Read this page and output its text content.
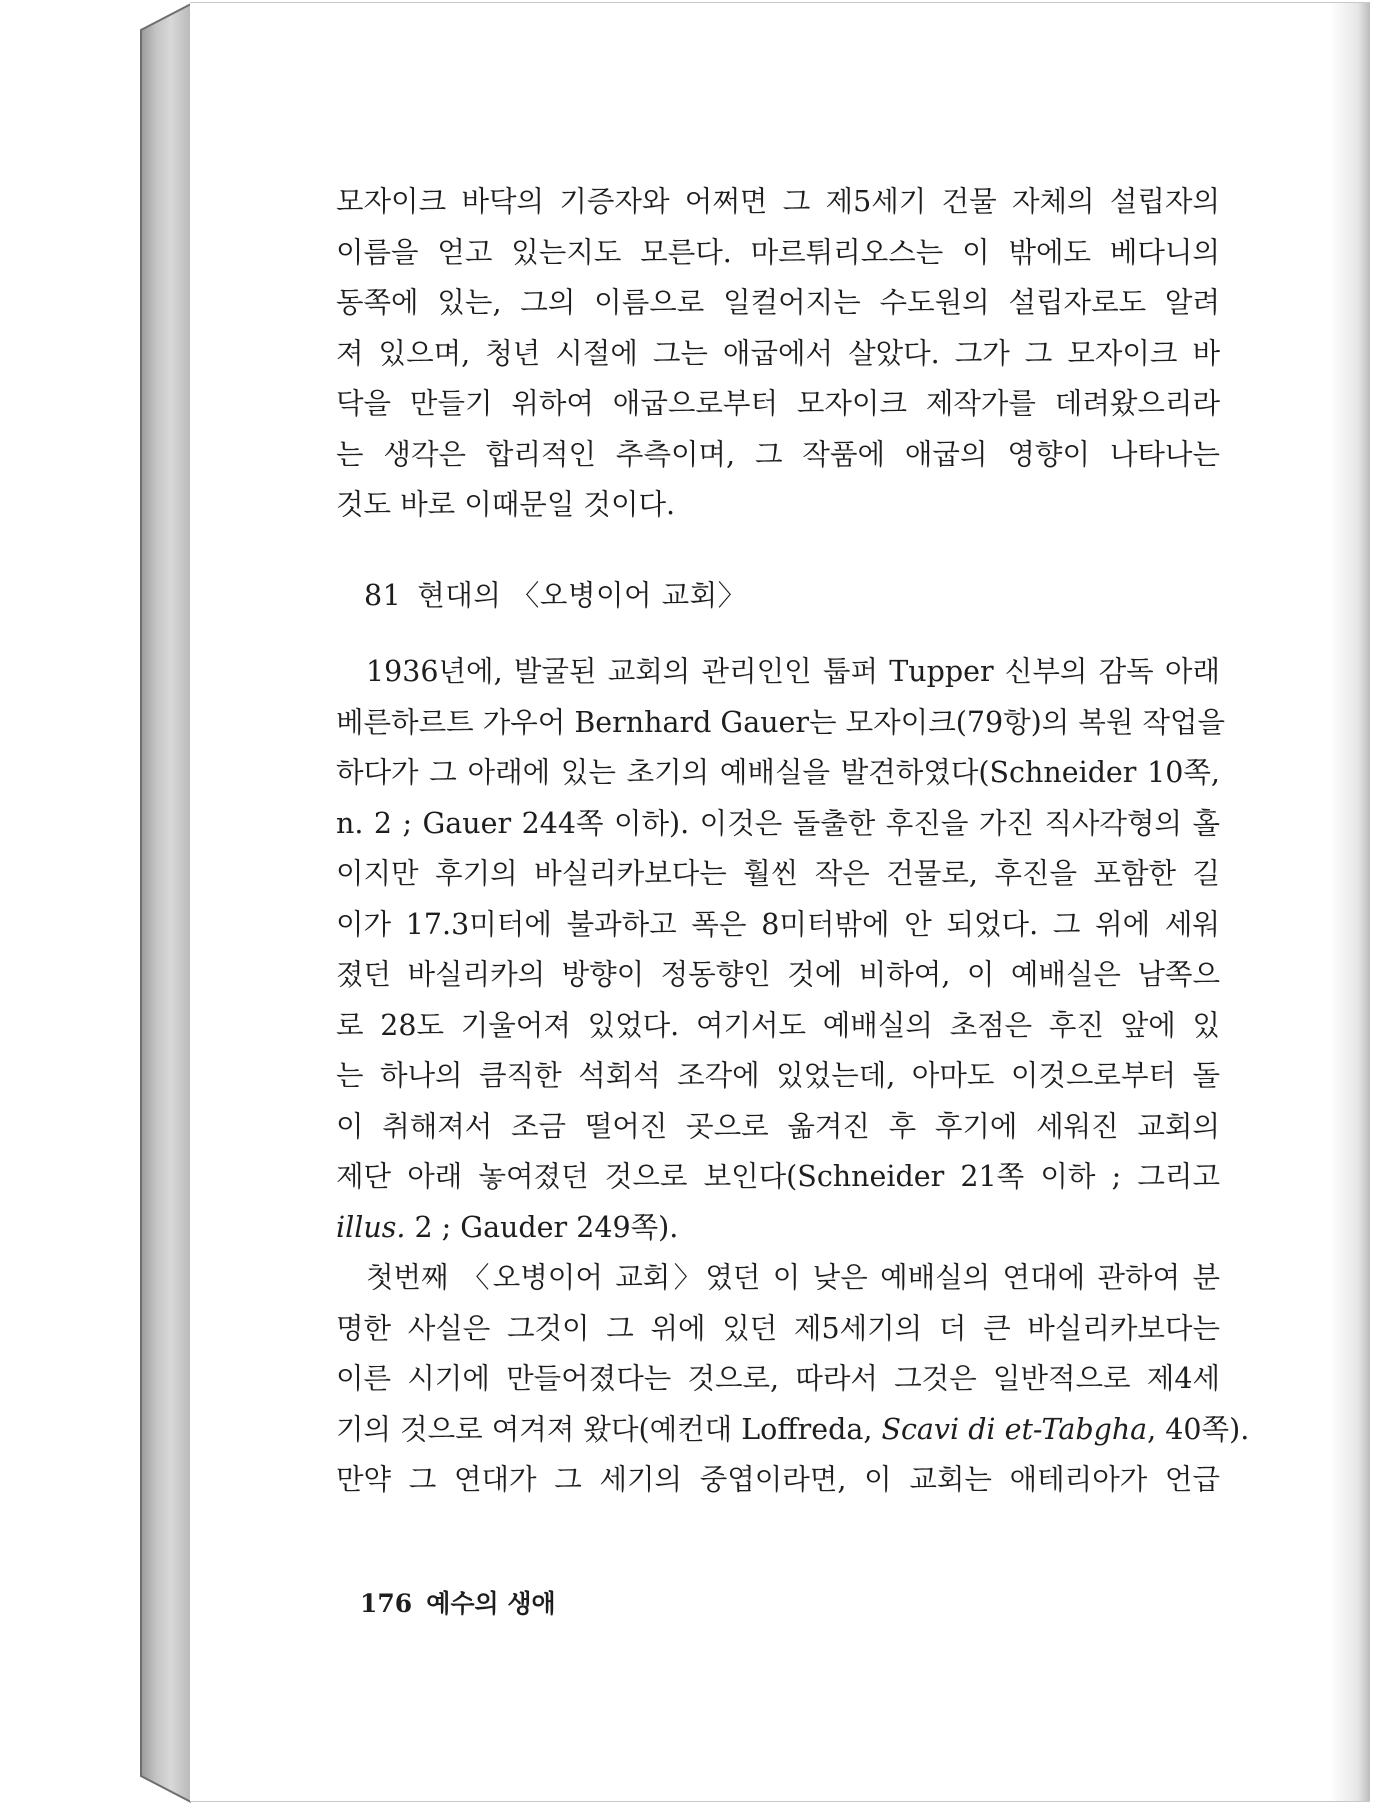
모자이크 바닥의 기증자와 어쩌면 그 제5세기 건물 자체의 설립자의
이름을 얻고 있는지도 모른다. 마르튀리오스는 이 밖에도 베다니의
동쪽에 있는, 그의 이름으로 일컬어지는 수도원의 설립자로도 알려
져 있으며, 청년 시절에 그는 애굽에서 살았다. 그가 그 모자이크 바
닥을 만들기 위하여 애굽으로부터 모자이크 제작가를 데려왔으리라
는 생각은 합리적인 추측이며, 그 작품에 애굽의 영향이 나타나는
것도 바로 이때문일 것이다.
81 현대의 〈오병이어 교회〉
1936년에, 발굴된 교회의 관리인인 툽퍼 Tupper 신부의 감독 아래
베른하르트 가우어 Bernhard Gauer는 모자이크(79항)의 복원 작업을
하다가 그 아래에 있는 초기의 예배실을 발견하였다(Schneider 10쪽,
n. 2 ; Gauer 244쪽 이하). 이것은 돌출한 후진을 가진 직사각형의 홀
이지만 후기의 바실리카보다는 훨씬 작은 건물로, 후진을 포함한 길
이가 17.3미터에 불과하고 폭은 8미터밖에 안 되었다. 그 위에 세워
졌던 바실리카의 방향이 정동향인 것에 비하여, 이 예배실은 남쪽으
로 28도 기울어져 있었다. 여기서도 예배실의 초점은 후진 앞에 있
는 하나의 큼직한 석회석 조각에 있었는데, 아마도 이것으로부터 돌
이 취해져서 조금 떨어진 곳으로 옮겨진 후 후기에 세워진 교회의
제단 아래 놓여졌던 것으로 보인다(Schneider 21쪽 이하 ; 그리고
illus. 2 ; Gauder 249쪽).
첫번째 〈오병이어 교회〉였던 이 낮은 예배실의 연대에 관하여 분
명한 사실은 그것이 그 위에 있던 제5세기의 더 큰 바실리카보다는
이른 시기에 만들어졌다는 것으로, 따라서 그것은 일반적으로 제4세
기의 것으로 여겨져 왔다(예컨대 Loffreda, Scavi di et-Tabgha, 40쪽).
만약 그 연대가 그 세기의 중엽이라면, 이 교회는 애테리아가 언급
176 예수의 생애
